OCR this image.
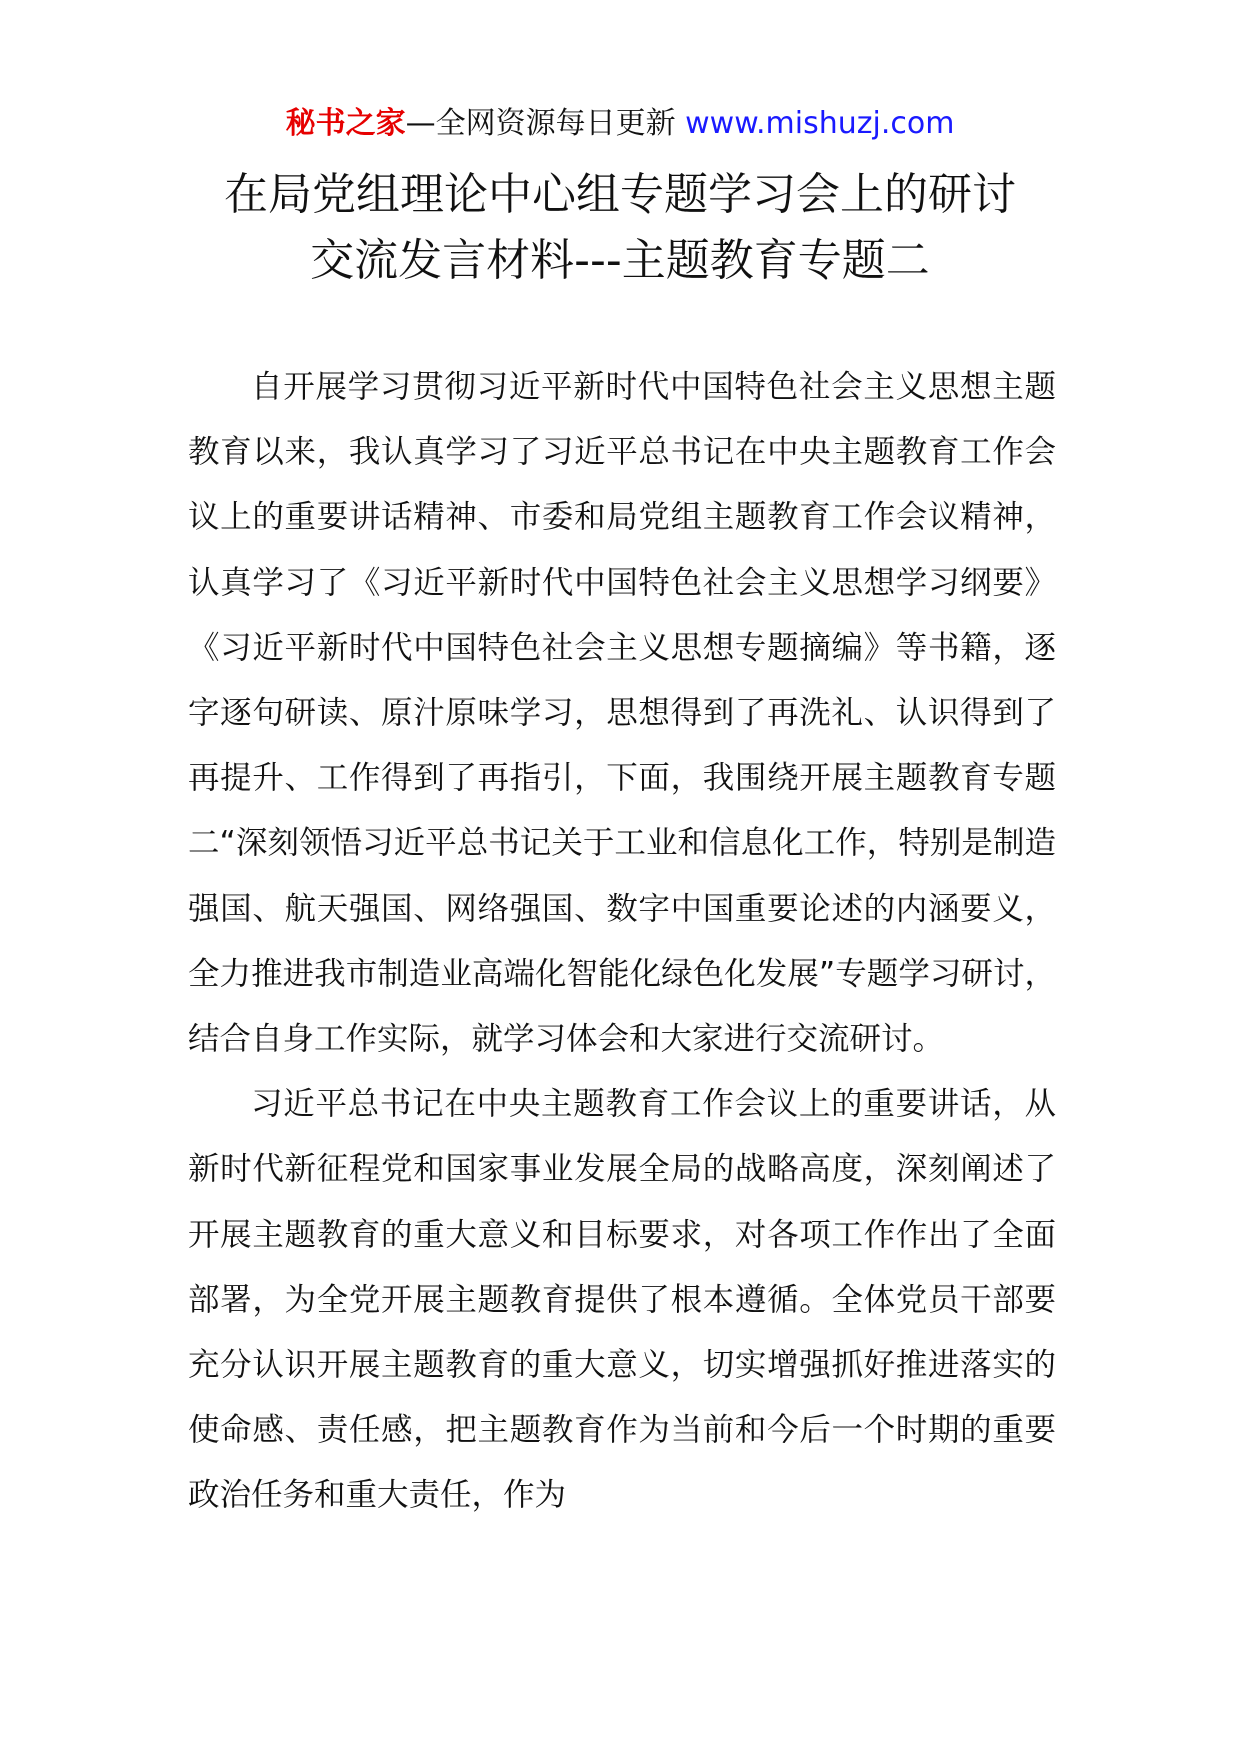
秘书之家—全网资源每日更新 www.mishuzj.com
在局党组理论中心组专题学习会上的研讨
交流发言材料---主题教育专题二

自开展学习贯彻习近平新时代中国特色社会主义思想主题教育以来，我认真学习了习近平总书记在中央主题教育工作会议上的重要讲话精神、市委和局党组主题教育工作会议精神，认真学习了《习近平新时代中国特色社会主义思想学习纲要》《习近平新时代中国特色社会主义思想专题摘编》等书籍，逐字逐句研读、原汁原味学习，思想得到了再洗礼、认识得到了再提升、工作得到了再指引，下面，我围绕开展主题教育专题二“深刻领悟习近平总书记关于工业和信息化工作，特别是制造强国、航天强国、网络强国、数字中国重要论述的内涵要义，全力推进我市制造业高端化智能化绿色化发展”专题学习研讨，结合自身工作实际，就学习体会和大家进行交流研讨。

习近平总书记在中央主题教育工作会议上的重要讲话，从新时代新征程党和国家事业发展全局的战略高度，深刻阐述了开展主题教育的重大意义和目标要求，对各项工作作出了全面部署，为全党开展主题教育提供了根本遵循。全体党员干部要充分认识开展主题教育的重大意义，切实增强抓好推进落实的使命感、责任感，把主题教育作为当前和今后一个时期的重要政治任务和重大责任，作为
